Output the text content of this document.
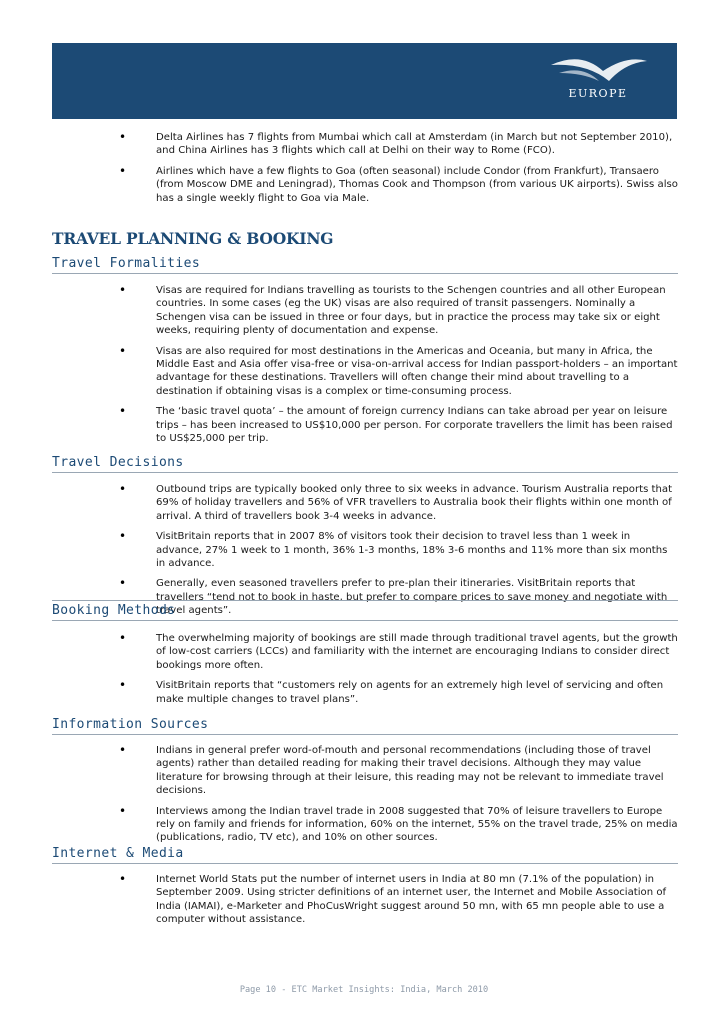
EUROPE
•	Delta Airlines has 7 flights from Mumbai which call at Amsterdam (in March but not September 2010), and China Airlines has 3 flights which call at Delhi on their way to Rome (FCO).
•	Airlines which have a few flights to Goa (often seasonal) include Condor (from Frankfurt), Transaero (from Moscow DME and Leningrad), Thomas Cook and Thompson (from various UK airports). Swiss also has a single weekly flight to Goa via Male.
TRAVEL PLANNING & BOOKING
Travel Formalities
•	Visas are required for Indians travelling as tourists to the Schengen countries and all other European countries. In some cases (eg the UK) visas are also required of transit passengers. Nominally a Schengen visa can be issued in three or four days, but in practice the process may take six or eight weeks, requiring plenty of documentation and expense.
•	Visas are also required for most destinations in the Americas and Oceania, but many in Africa, the Middle East and Asia offer visa-free or visa-on-arrival access for Indian passport-holders – an important advantage for these destinations. Travellers will often change their mind about travelling to a destination if obtaining visas is a complex or time-consuming process.
•	The ‘basic travel quota’ – the amount of foreign currency Indians can take abroad per year on leisure trips – has been increased to US$10,000 per person. For corporate travellers the limit has been raised to US$25,000 per trip.
Travel Decisions
•	Outbound trips are typically booked only three to six weeks in advance. Tourism Australia reports that 69% of holiday travellers and 56% of VFR travellers to Australia book their flights within one month of arrival. A third of travellers book 3-4 weeks in advance.
•	VisitBritain reports that in 2007 8% of visitors took their decision to travel less than 1 week in advance, 27% 1 week to 1 month, 36% 1-3 months, 18% 3-6 months and 11% more than six months in advance.
•	Generally, even seasoned travellers prefer to pre-plan their itineraries. VisitBritain reports that travellers “tend not to book in haste, but prefer to compare prices to save money and negotiate with travel agents”.
Booking Methods
•	The overwhelming majority of bookings are still made through traditional travel agents, but the growth of low-cost carriers (LCCs) and familiarity with the internet are encouraging Indians to consider direct bookings more often.
•	VisitBritain reports that “customers rely on agents for an extremely high level of servicing and often make multiple changes to travel plans”.
Information Sources
•	Indians in general prefer word-of-mouth and personal recommendations (including those of travel agents) rather than detailed reading for making their travel decisions. Although they may value literature for browsing through at their leisure, this reading may not be relevant to immediate travel decisions.
•	Interviews among the Indian travel trade in 2008 suggested that 70% of leisure travellers to Europe rely on family and friends for information, 60% on the internet, 55% on the travel trade, 25% on media (publications, radio, TV etc), and 10% on other sources.
Internet & Media
•	Internet World Stats put the number of internet users in India at 80 mn (7.1% of the population) in September 2009. Using stricter definitions of an internet user, the Internet and Mobile Association of India (IAMAI), e-Marketer and PhoCusWright suggest around 50 mn, with 65 mn people able to use a computer without assistance.
Page 10 - ETC Market Insights: India, March 2010
